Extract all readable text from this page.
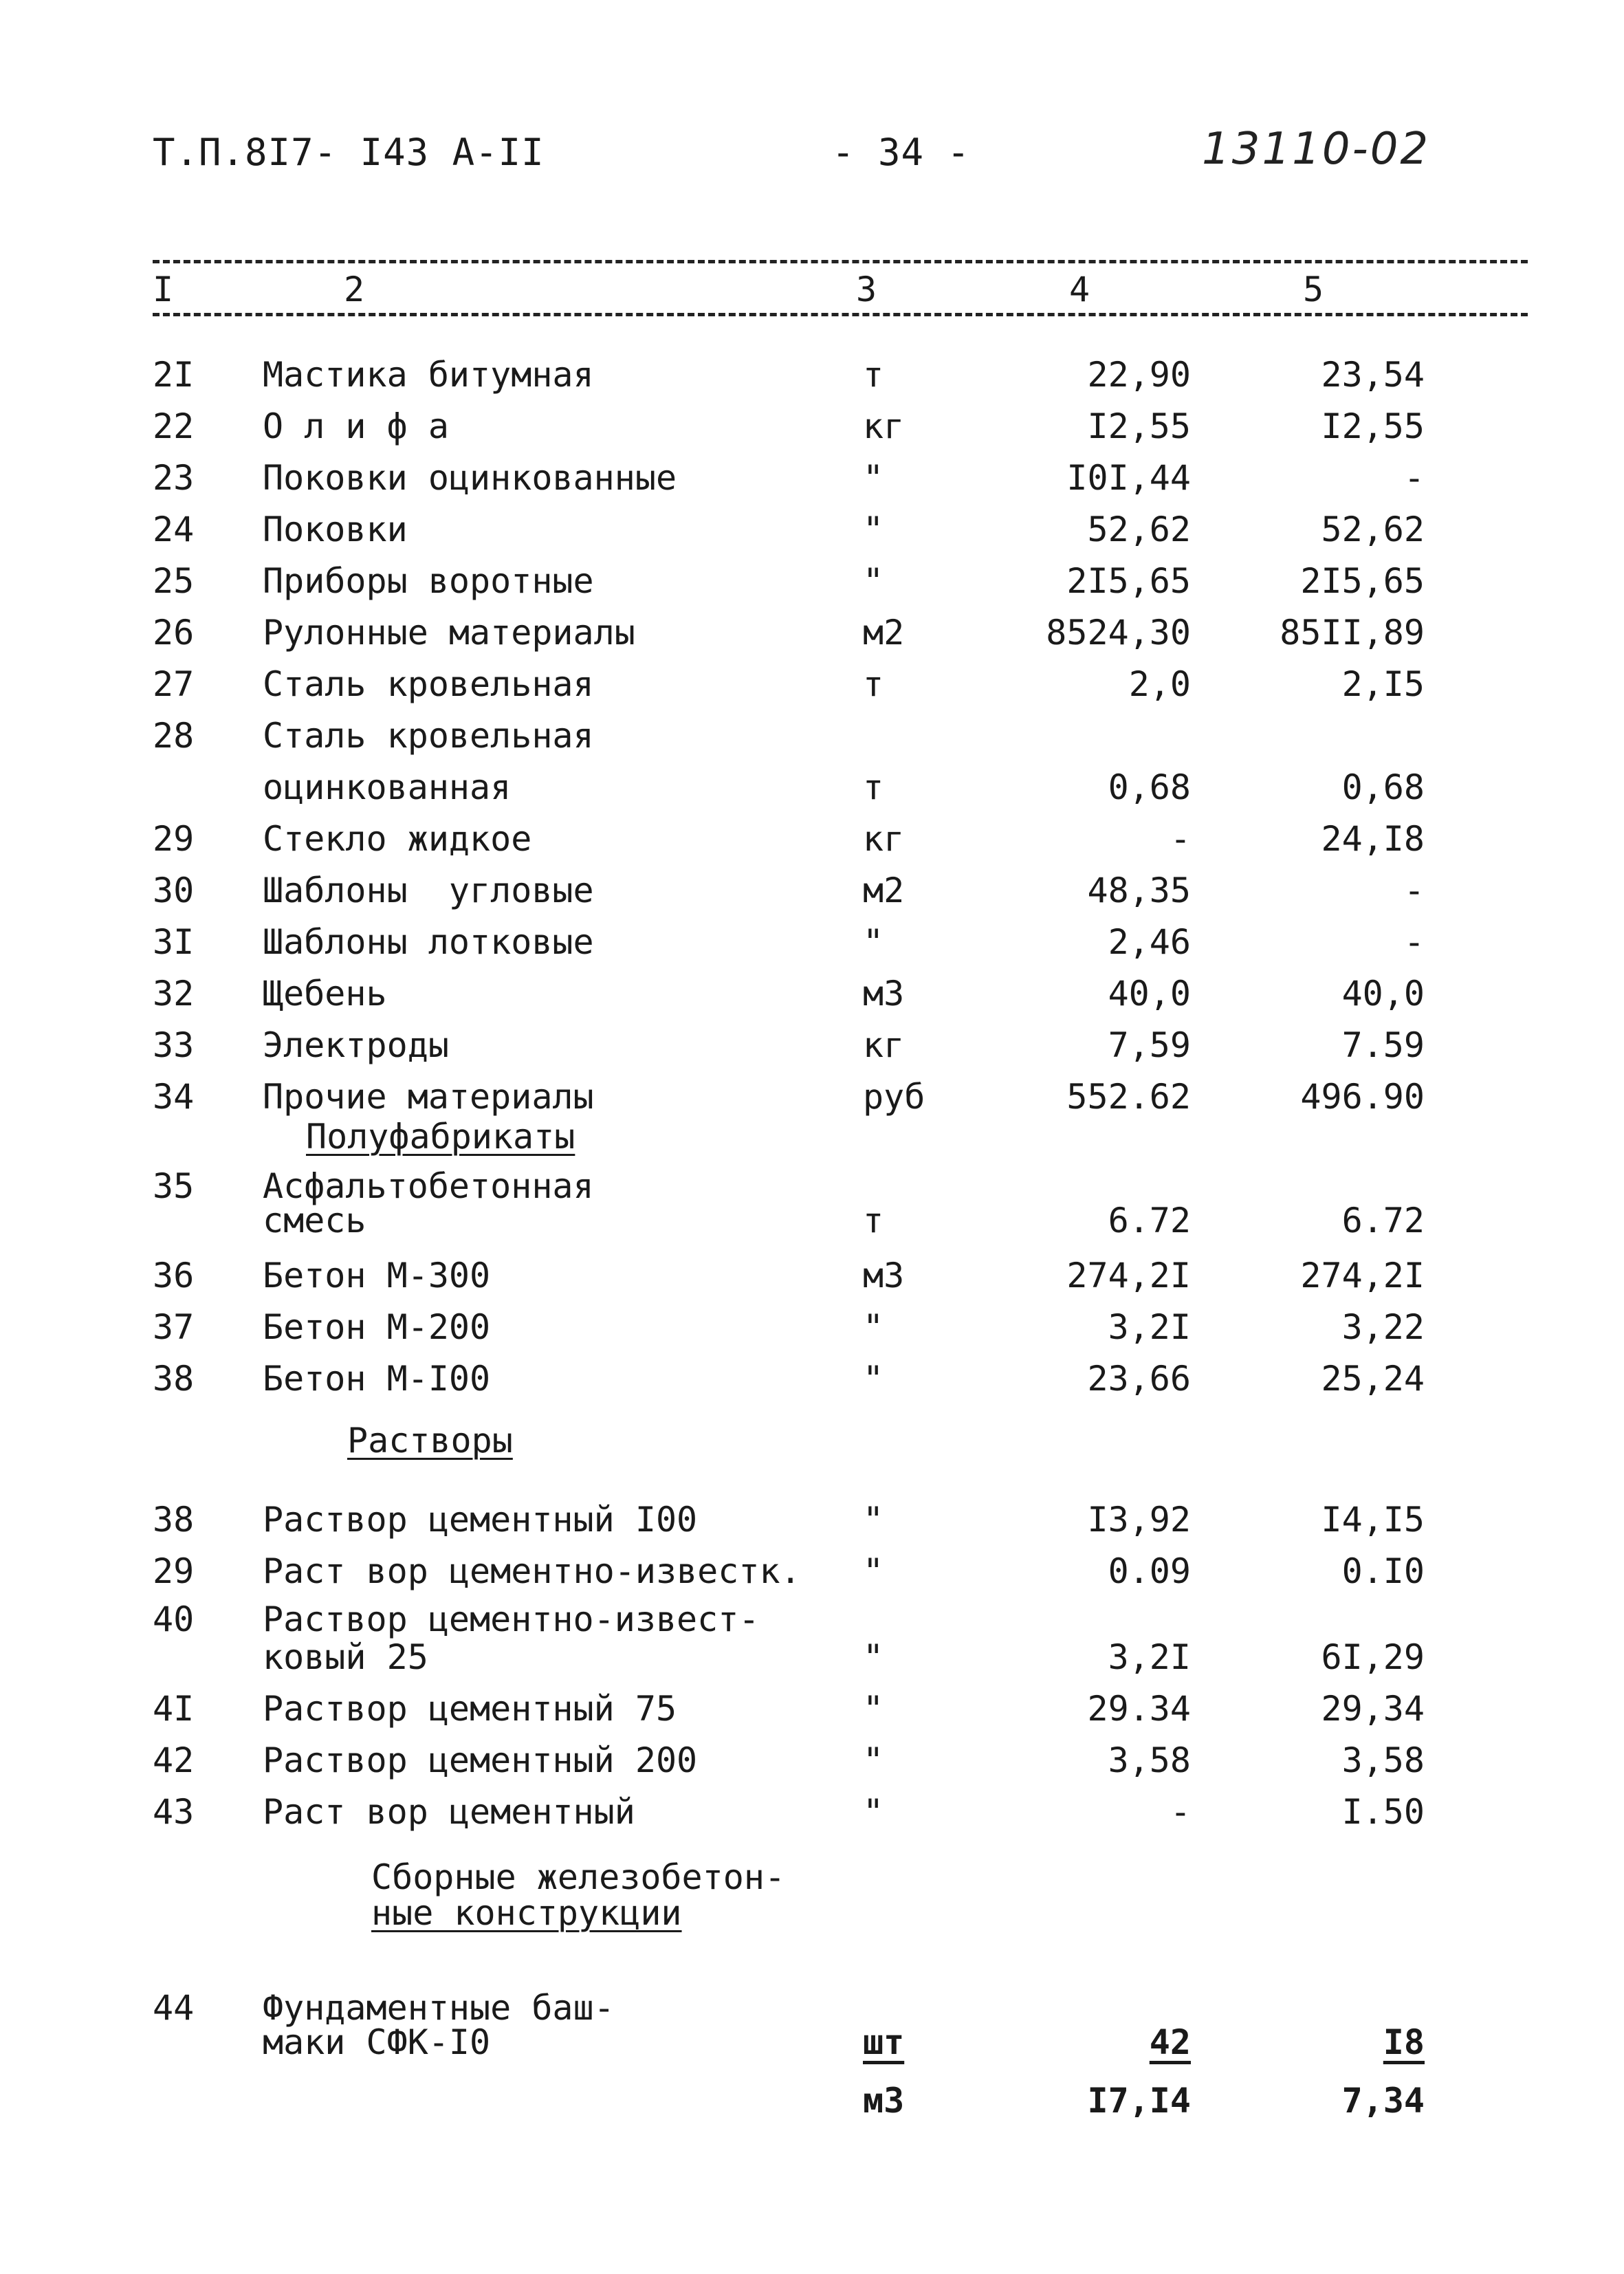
Т.П.8I7- I43 А-II	- 34 -	13110-02
I	2	3	4	5
2I Мастика битумная	т	22,90	23,54
22 О л и ф а	кг	I2,55	I2,55
23 Поковки оцинкованные	"	I0I,44	-
24 Поковки	"	52,62	52,62
25 Приборы воротные	"	2I5,65	2I5,65
26 Рулонные материалы	м2	8524,30	85II,89
27 Сталь кровельная	т	2,0	2,I5
28 Сталь кровельная
оцинкованная	т	0,68	0,68
29 Стекло жидкое	кг	-	24,I8
30 Шаблоны  угловые	м2	48,35	-
3I Шаблоны лотковые	"	2,46	-
32 Щебень	м3	40,0	40,0
33 Электроды	кг	7,59	7.59
34 Прочие материалы	руб	552.62	496.90
35 Асфальтобетонная
смесь	т	6.72	6.72
36 Бетон М-300	м3	274,2I	274,2I
37 Бетон М-200	"	3,2I	3,22
38 Бетон М-I00	"	23,66	25,24
38 Раствор цементный I00	"	I3,92	I4,I5
29 Раст вор цементно-известк. "	0.09	0.I0
40 Раствор цементно-извест-
ковый 25	"	3,2I	6I,29
4I Раствор цементный 75	"	29.34	29,34
42 Раствор цементный 200	"	3,58	3,58
43 Раст вор цементный	"	-	I.50
44 Фундаментные баш-
маки СФК-I0	шт	42	I8
м3	I7,I4	7,34
Полуфабрикаты
Растворы
Сборные железобетон-
ные конструкции
